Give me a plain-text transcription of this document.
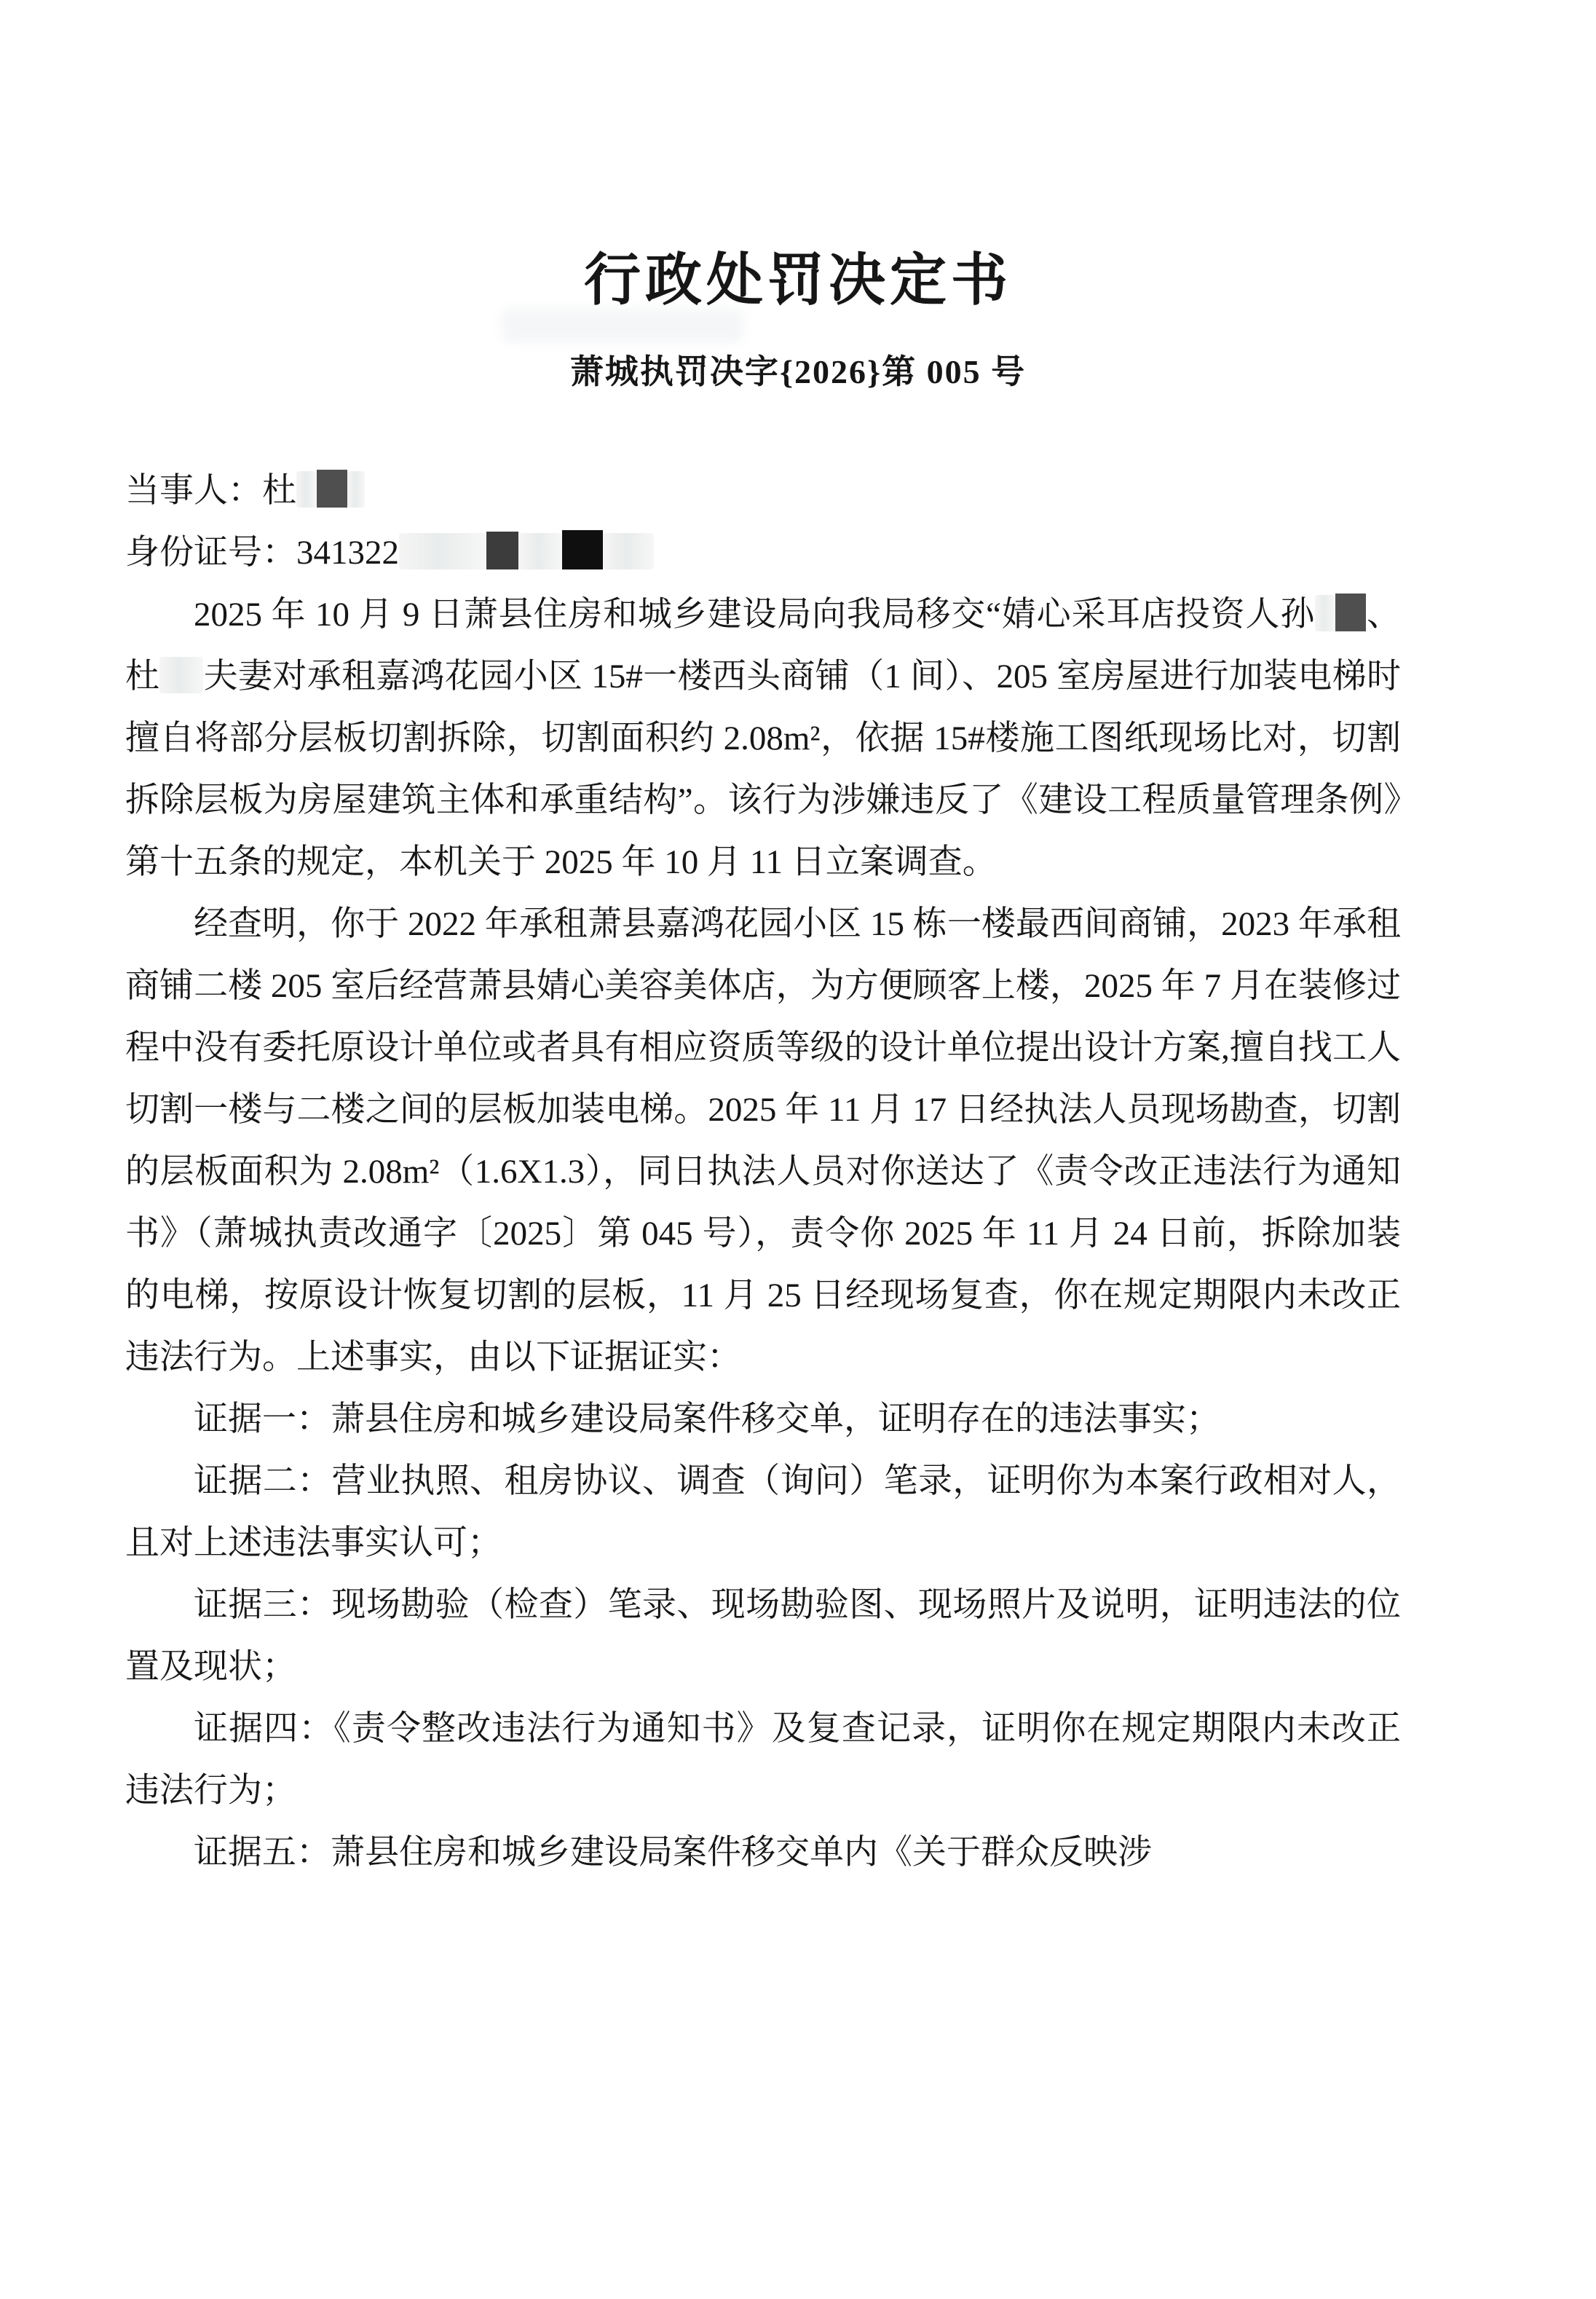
行政处罚决定书
萧城执罚决字{2026}第 005 号

当事人：杜

身份证号：341322

2025 年 10 月 9 日萧县住房和城乡建设局向我局移交“婧心采耳店投资人孙 、杜 夫妻对承租嘉鸿花园小区 15#一楼西头商铺（1 间）、205 室房屋进行加装电梯时擅自将部分层板切割拆除，切割面积约 2.08m²，依据 15#楼施工图纸现场比对，切割拆除层板为房屋建筑主体和承重结构”。该行为涉嫌违反了《建设工程质量管理条例》第十五条的规定，本机关于 2025 年 10 月 11 日立案调查。

经查明，你于 2022 年承租萧县嘉鸿花园小区 15 栋一楼最西间商铺，2023 年承租商铺二楼 205 室后经营萧县婧心美容美体店，为方便顾客上楼，2025 年 7 月在装修过程中没有委托原设计单位或者具有相应资质等级的设计单位提出设计方案,擅自找工人切割一楼与二楼之间的层板加装电梯。2025 年 11 月 17 日经执法人员现场勘查，切割的层板面积为 2.08m²（1.6X1.3），同日执法人员对你送达了《责令改正违法行为通知书》（萧城执责改通字〔2025〕第 045 号），责令你 2025 年 11 月 24 日前，拆除加装的电梯，按原设计恢复切割的层板，11 月 25 日经现场复查，你在规定期限内未改正违法行为。上述事实，由以下证据证实：

证据一：萧县住房和城乡建设局案件移交单，证明存在的违法事实；

证据二：营业执照、租房协议、调查（询问）笔录，证明你为本案行政相对人，且对上述违法事实认可；

证据三：现场勘验（检查）笔录、现场勘验图、现场照片及说明，证明违法的位置及现状；

证据四：《责令整改违法行为通知书》及复查记录，证明你在规定期限内未改正违法行为；

证据五：萧县住房和城乡建设局案件移交单内《关于群众反映涉
